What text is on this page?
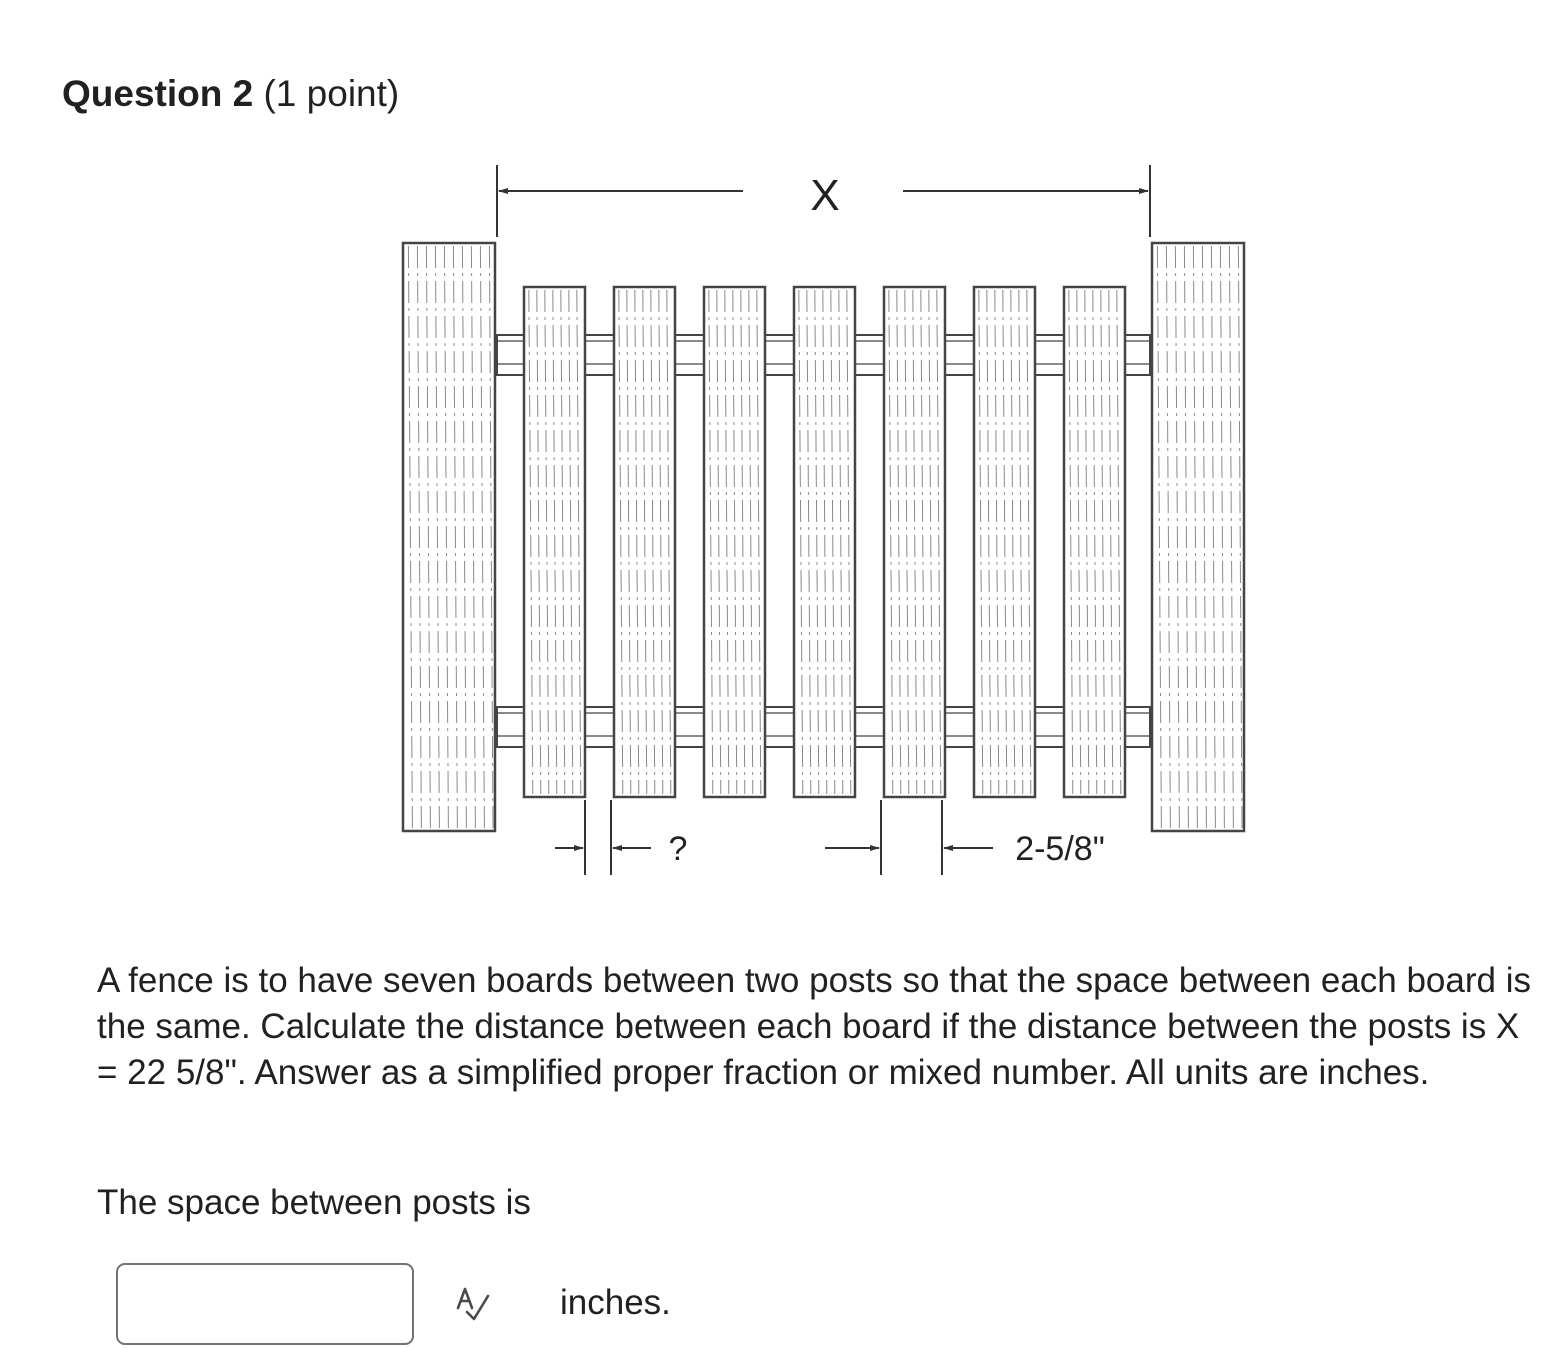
Question 2 (1 point)
X
?	2-5/8"

A fence is to have seven boards between two posts so that the space between each board is the same. Calculate the distance between each board if the distance between the posts is X = 22 5/8". Answer as a simplified proper fraction or mixed number. All units are inches.

The space between posts is

inches.
